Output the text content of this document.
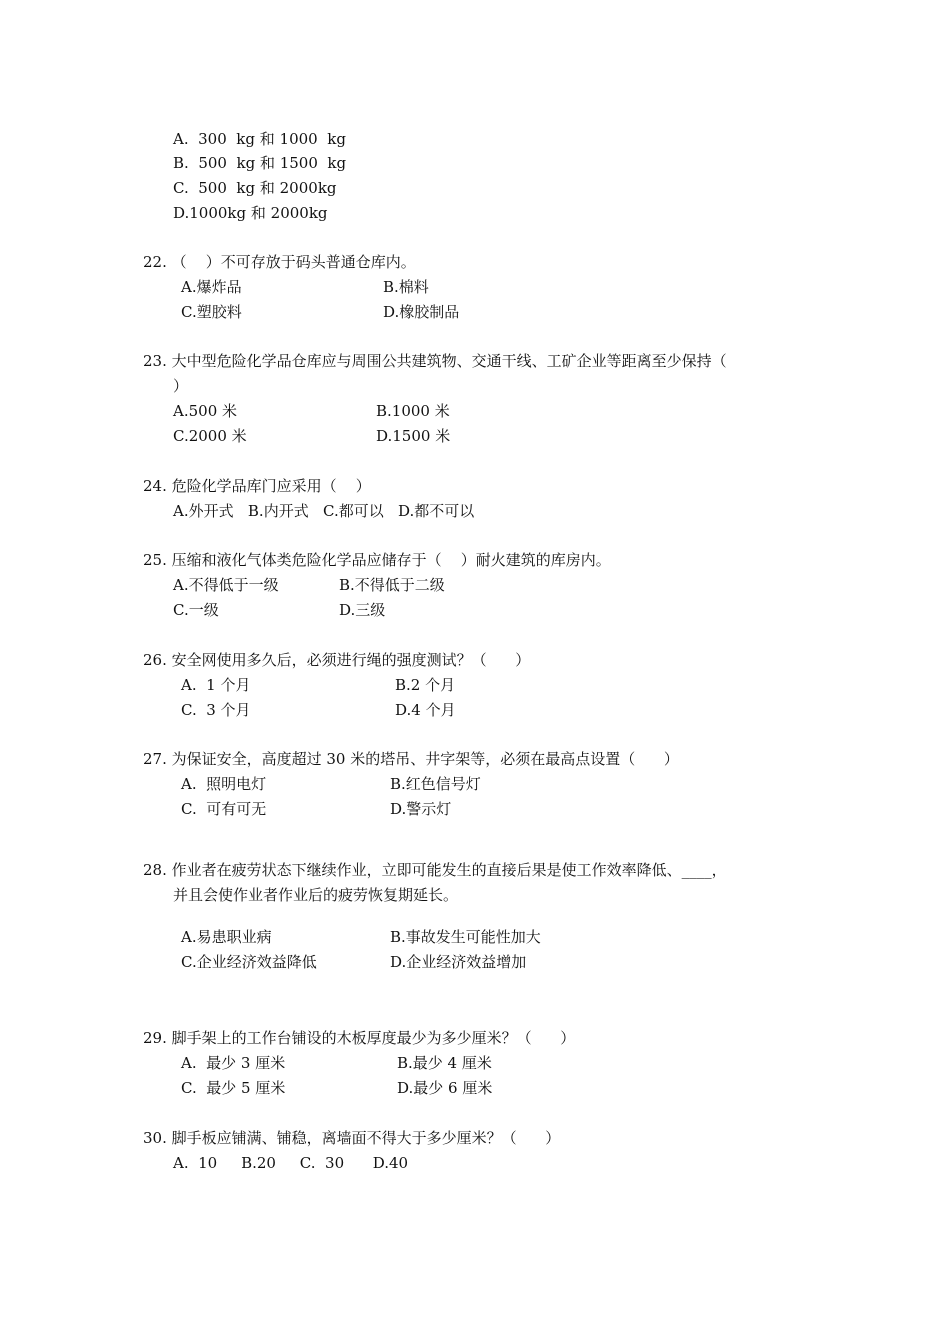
A.  300  kg 和 1000  kg
B.  500  kg 和 1500  kg
C.  500  kg 和 2000kg
D.1000kg 和 2000kg
22. （    ）不可存放于码头普通仓库内。
A.爆炸品	B.棉料
C.塑胶料	D.橡胶制品
23. 大中型危险化学品仓库应与周围公共建筑物、交通干线、工矿企业等距离至少保持（
）
A.500 米	B.1000 米
C.2000 米	D.1500 米
24. 危险化学品库门应采用（    ）
A.外开式   B.内开式   C.都可以   D.都不可以
25. 压缩和液化气体类危险化学品应储存于（    ）耐火建筑的库房内。
A.不得低于一级	B.不得低于二级
C.一级	D.三级
26. 安全网使用多久后，必须进行绳的强度测试？（      ）
A.  1 个月	B.2 个月
C.  3 个月	D.4 个月
27. 为保证安全，高度超过 30 米的塔吊、井字架等，必须在最高点设置（      ）
A.  照明电灯	B.红色信号灯
C.  可有可无	D.警示灯
28. 作业者在疲劳状态下继续作业，立即可能发生的直接后果是使工作效率降低、____，
并且会使作业者作业后的疲劳恢复期延长。
A.易患职业病	B.事故发生可能性加大
C.企业经济效益降低	D.企业经济效益增加
29. 脚手架上的工作台铺设的木板厚度最少为多少厘米？（      ）
A.  最少 3 厘米	B.最少 4 厘米
C.  最少 5 厘米	D.最少 6 厘米
30. 脚手板应铺满、铺稳，离墙面不得大于多少厘米？（      ）
A.  10     B.20     C.  30      D.40
